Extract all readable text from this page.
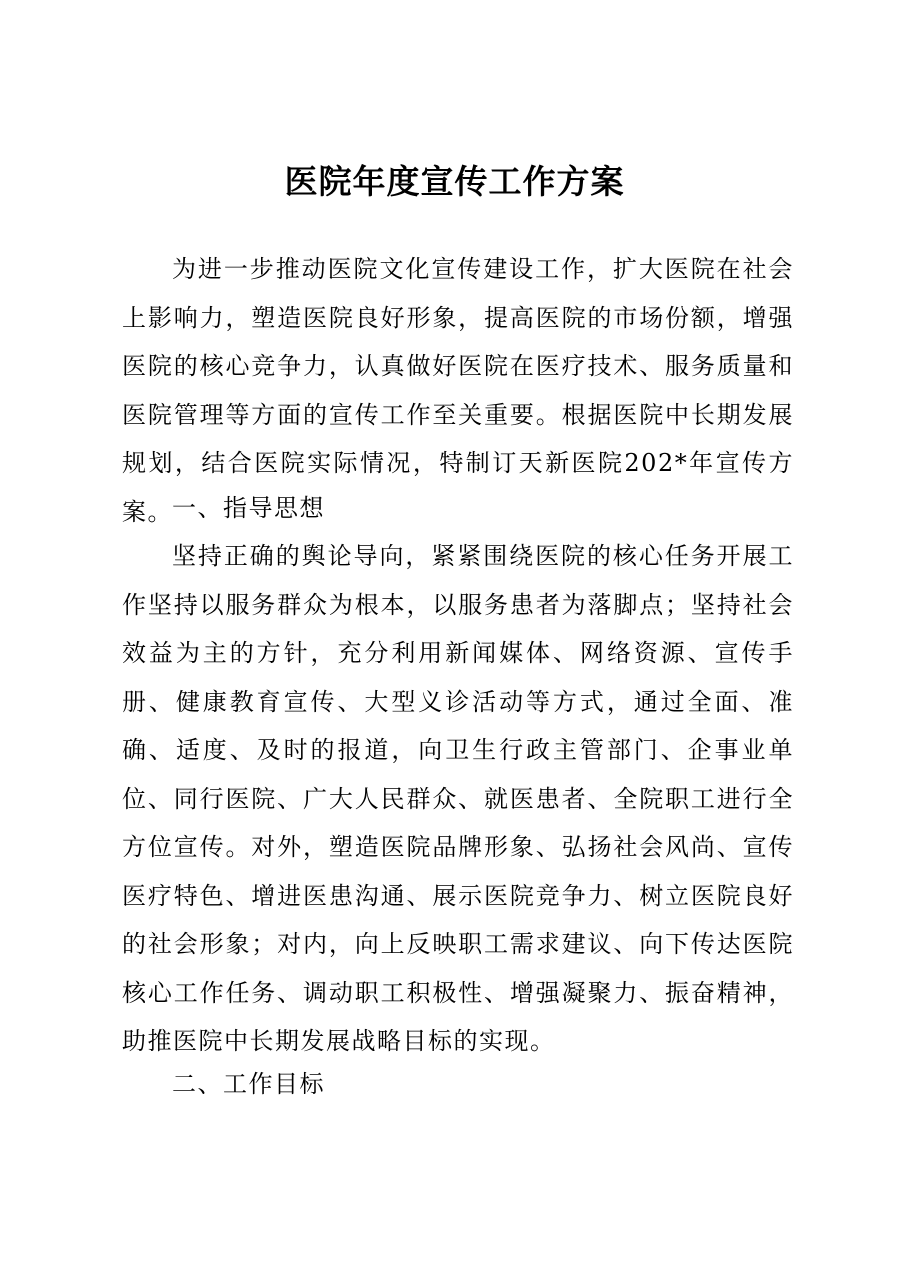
医院年度宣传工作方案

为进一步推动医院文化宣传建设工作，扩大医院在社会上影响力，塑造医院良好形象，提高医院的市场份额，增强医院的核心竞争力，认真做好医院在医疗技术、服务质量和医院管理等方面的宣传工作至关重要。根据医院中长期发展规划，结合医院实际情况，特制订天新医院202*年宣传方案。 一、指导思想

坚持正确的舆论导向，紧紧围绕医院的核心任务开展工作坚持以服务群众为根本，以服务患者为落脚点；坚持社会效益为主的方针，充分利用新闻媒体、网络资源、宣传手册、健康教育宣传、大型义诊活动等方式，通过全面、准确、适度、及时的报道，向卫生行政主管部门、企事业单位、同行医院、广大人民群众、就医患者、全院职工进行全方位宣传。对外，塑造医院品牌形象、弘扬社会风尚、宣传医疗特色、增进医患沟通、展示医院竞争力、树立医院良好的社会形象；对内，向上反映职工需求建议、向下传达医院核心工作任务、调动职工积极性、增强凝聚力、振奋精神，助推医院中长期发展战略目标的实现。

二、工作目标
